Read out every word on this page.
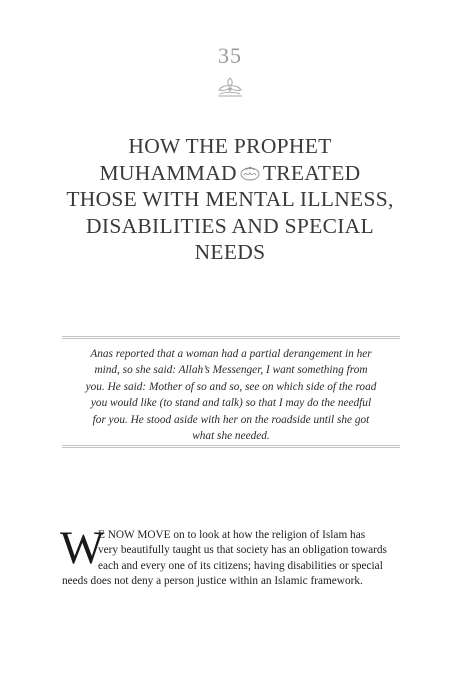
35
HOW THE PROPHET
MUHAMMAD TREATED
THOSE WITH MENTAL ILLNESS,
DISABILITIES AND SPECIAL
NEEDS

Anas reported that a woman had a partial derangement in her
mind, so she said: Allah’s Messenger, I want something from
you. He said: Mother of so and so, see on which side of the road
you would like (to stand and talk) so that I may do the needful
for you. He stood aside with her on the roadside until she got
what she needed.

W

E NOW MOVE on to look at how the religion of Islam has
very beautifully taught us that society has an obligation towards
each and every one of its citizens; having disabilities or special
needs does not deny a person justice within an Islamic framework.
